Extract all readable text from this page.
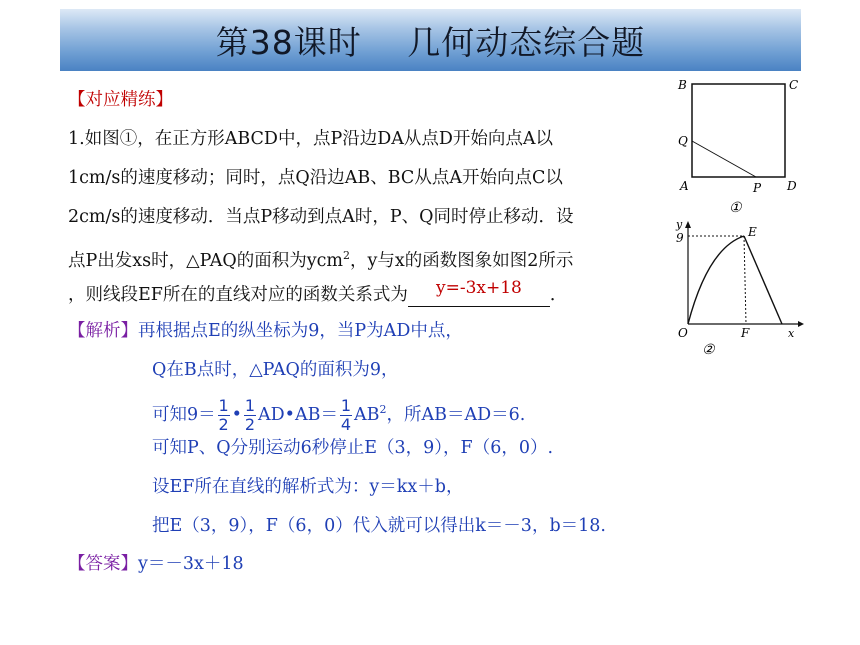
第38课时　 几何动态综合题
【对应精练】
1.如图①，在正方形ABCD中，点P沿边DA从点D开始向点A以
1cm/s的速度移动；同时，点Q沿边AB、BC从点A开始向点C以
2cm/s的速度移动．当点P移动到点A时，P、Q同时停止移动．设
点P出发xs时，△PAQ的面积为ycm$^2$，y与x的函数图象如图2所示
，则线段EF所在的直线对应的函数关系式为	y=-3x+18	．
【解析】再根据点E的纵坐标为9，当P为AD中点，
Q在B点时，△PAQ的面积为9，
可知$9= \frac{1}{2}$ • $\frac{1}{2}$ AD•AB＝ $\frac{1}{4} AB^2$，所AB＝AD＝6.
可知P、Q分别运动6秒停止E（3，9），F（6，0）.
设EF所在直线的解析式为：y＝kx＋b，
把E（3，9），F（6，0）代入就可以得出k＝－3，b＝18.
【答案】y＝－3x＋18
B	C
Q
A	P D
①
y
9	E
O	F	x
②
